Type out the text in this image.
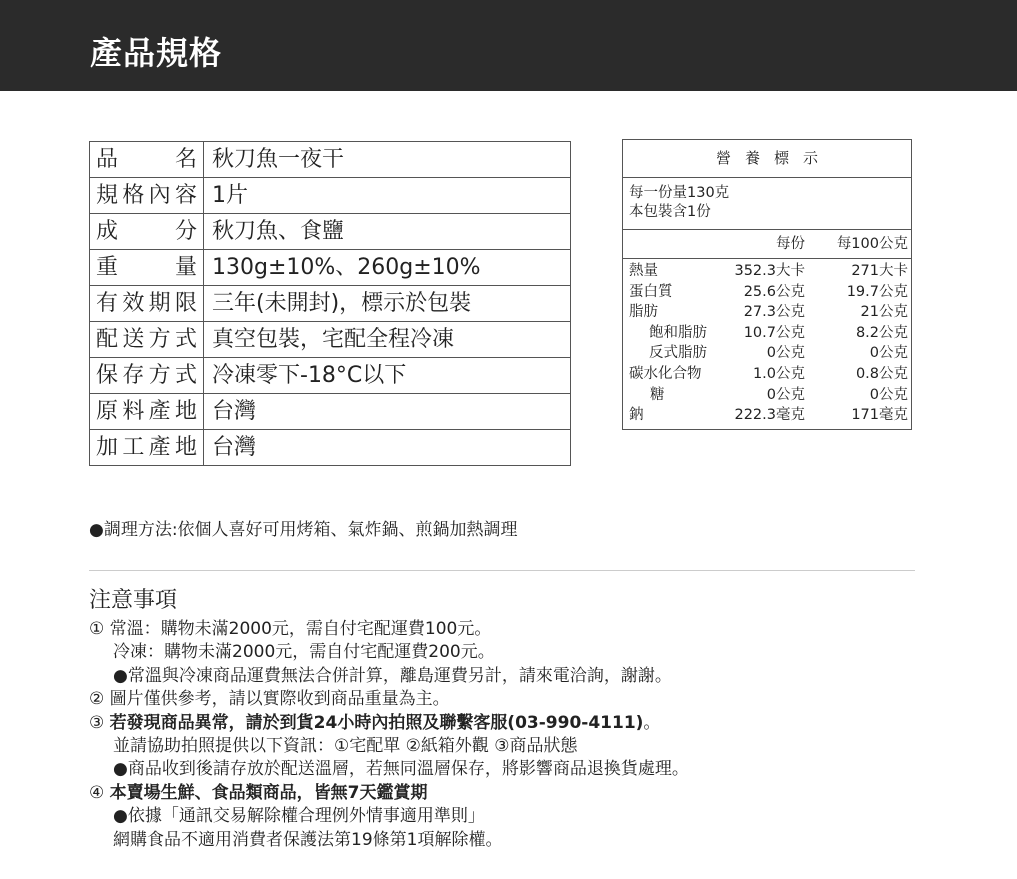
產品規格
品名	秋刀魚一夜干
規格內容	1片
成分	秋刀魚、食鹽
重量	130g±10%、260g±10%
有效期限	三年(未開封)，標示於包裝
配送方式	真空包裝，宅配全程冷凍
保存方式	冷凍零下-18°C以下
原料產地	台灣
加工產地	台灣
營養標示
每一份量130克
本包裝含1份
每份 每100公克
熱量	352.3大卡	271大卡
蛋白質	25.6公克	19.7公克
脂肪	27.3公克	21公克
飽和脂肪	10.7公克	8.2公克
反式脂肪	0公克	0公克
碳水化合物	1.0公克	0.8公克
糖	0公克	0公克
鈉	222.3毫克	171毫克
●調理方法:依個人喜好可用烤箱、氣炸鍋、煎鍋加熱調理
注意事項
① 常溫：購物未滿2000元，需自付宅配運費100元。
冷凍：購物未滿2000元，需自付宅配運費200元。
●常溫與冷凍商品運費無法合併計算，離島運費另計，請來電洽詢，謝謝。
② 圖片僅供參考，請以實際收到商品重量為主。
③ 若發現商品異常，請於到貨24小時內拍照及聯繫客服(03-990-4111)。
並請協助拍照提供以下資訊：①宅配單 ②紙箱外觀 ③商品狀態
●商品收到後請存放於配送溫層，若無同溫層保存，將影響商品退換貨處理。
④ 本賣場生鮮、食品類商品，皆無7天鑑賞期
●依據「通訊交易解除權合理例外情事適用準則」
網購食品不適用消費者保護法第19條第1項解除權。
